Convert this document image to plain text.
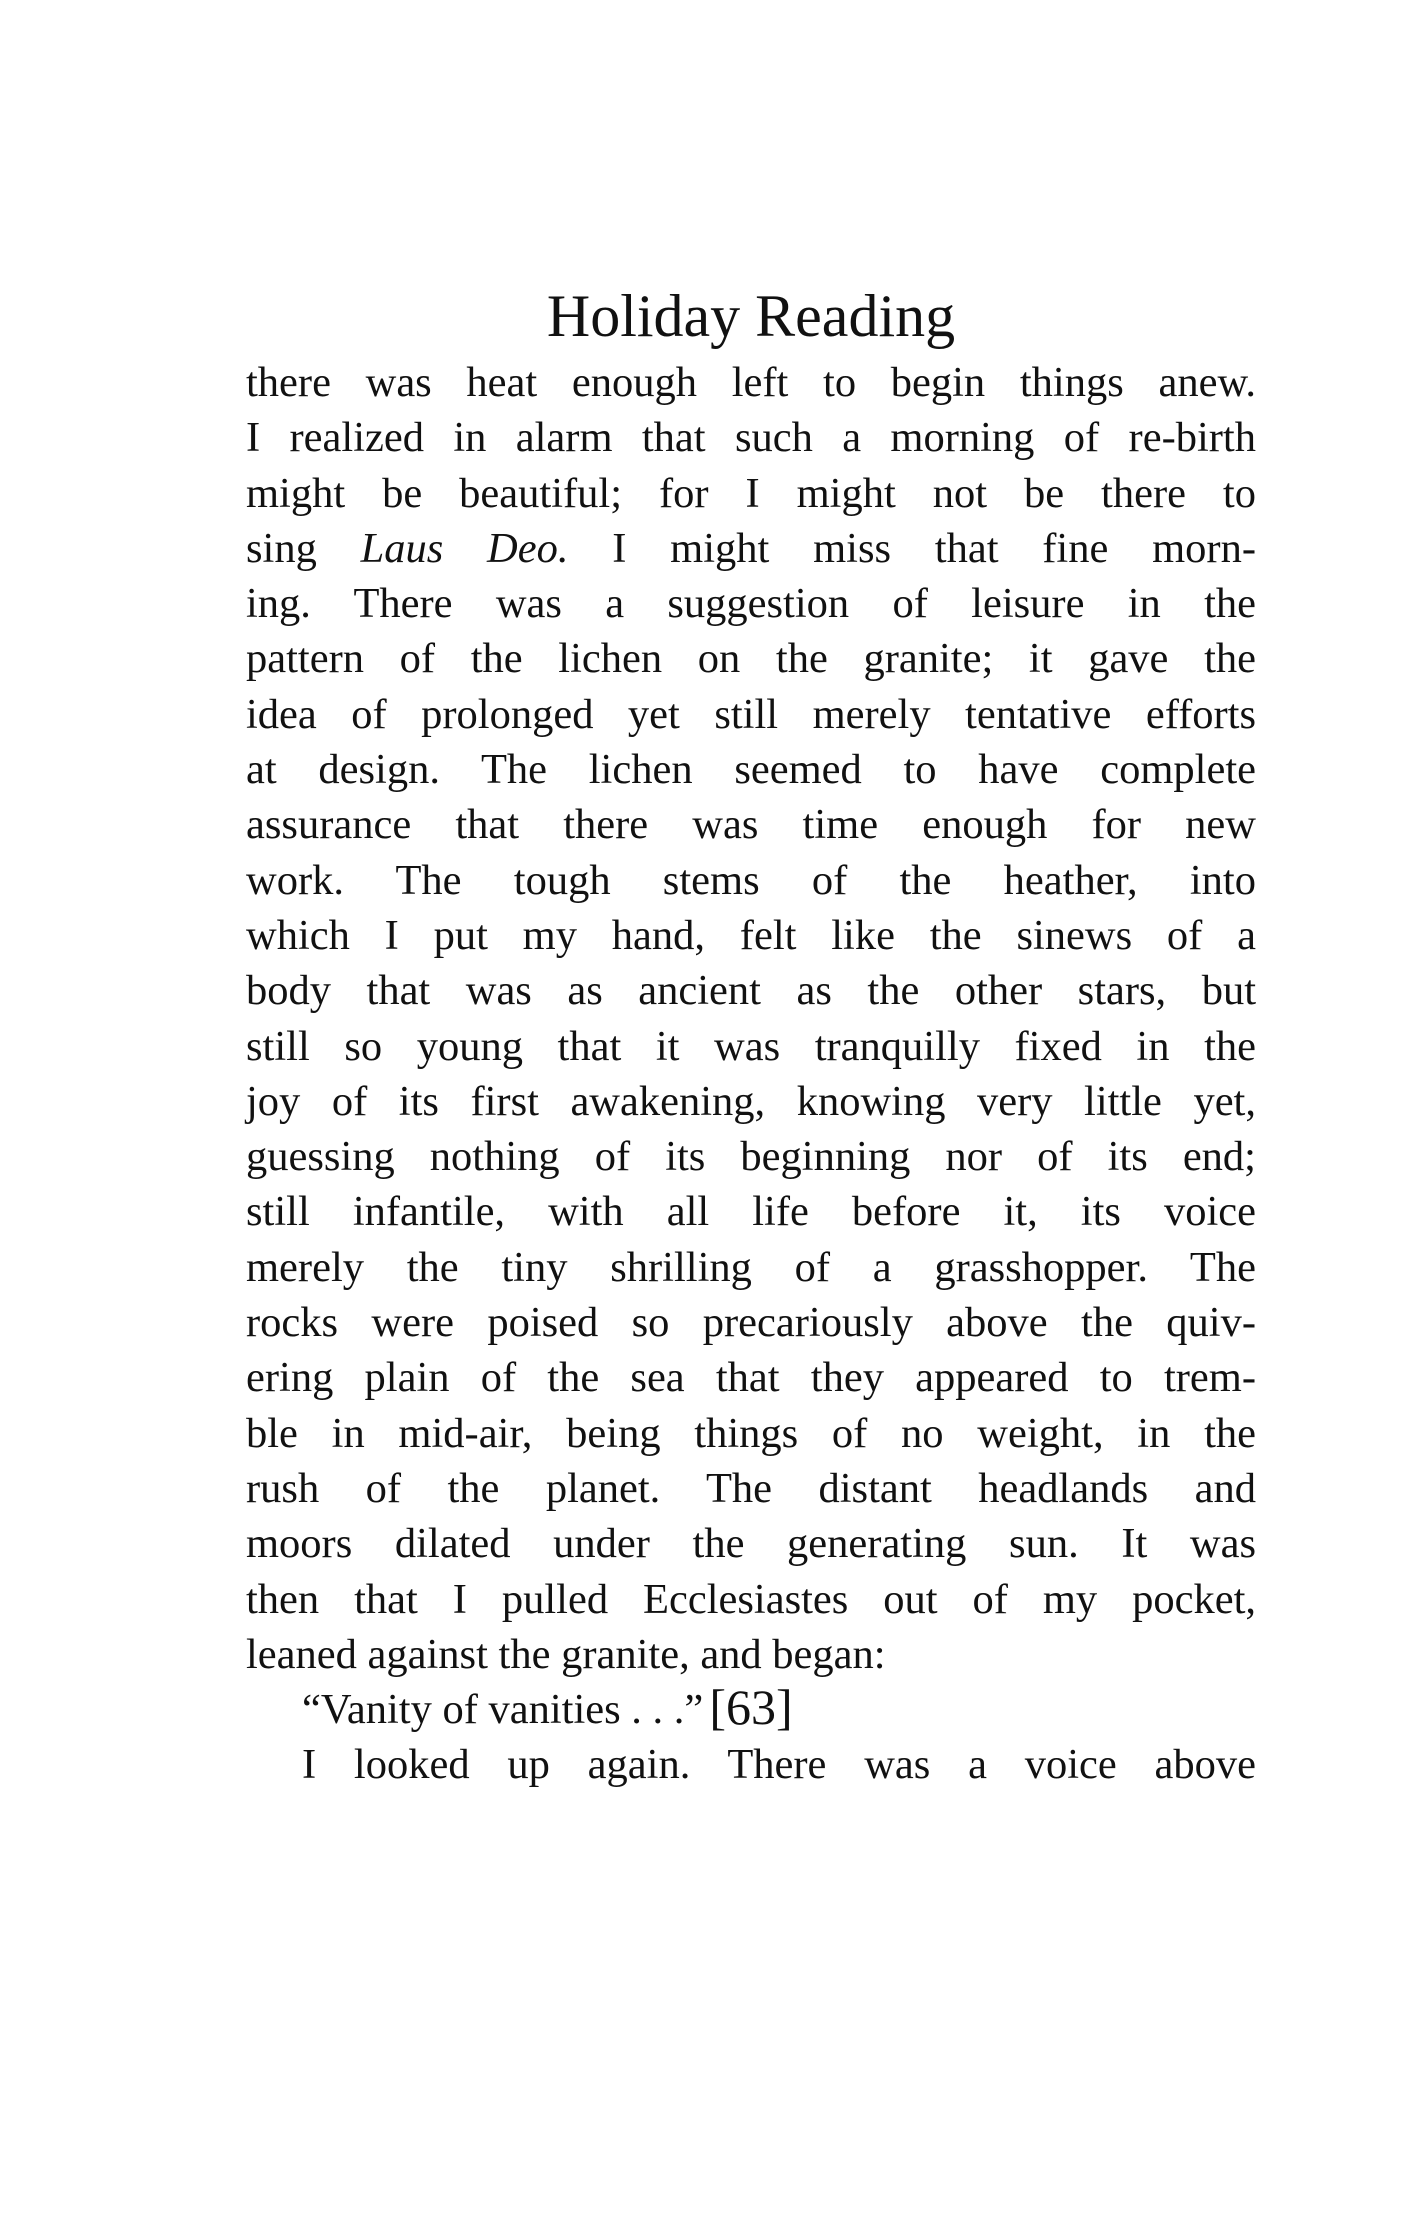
Holiday Reading
there was heat enough left to begin things anew.
I realized in alarm that such a morning of re-birth
might be beautiful; for I might not be there to
sing Laus Deo. I might miss that fine morn-
ing. There was a suggestion of leisure in the
pattern of the lichen on the granite; it gave the
idea of prolonged yet still merely tentative efforts
at design. The lichen seemed to have complete
assurance that there was time enough for new
work. The tough stems of the heather, into
which I put my hand, felt like the sinews of a
body that was as ancient as the other stars, but
still so young that it was tranquilly fixed in the
joy of its first awakening, knowing very little yet,
guessing nothing of its beginning nor of its end;
still infantile, with all life before it, its voice
merely the tiny shrilling of a grasshopper. The
rocks were poised so precariously above the quiv-
ering plain of the sea that they appeared to trem-
ble in mid-air, being things of no weight, in the
rush of the planet. The distant headlands and
moors dilated under the generating sun. It was
then that I pulled Ecclesiastes out of my pocket,
leaned against the granite, and began:
“Vanity of vanities . . .”
I looked up again. There was a voice above
[63]
